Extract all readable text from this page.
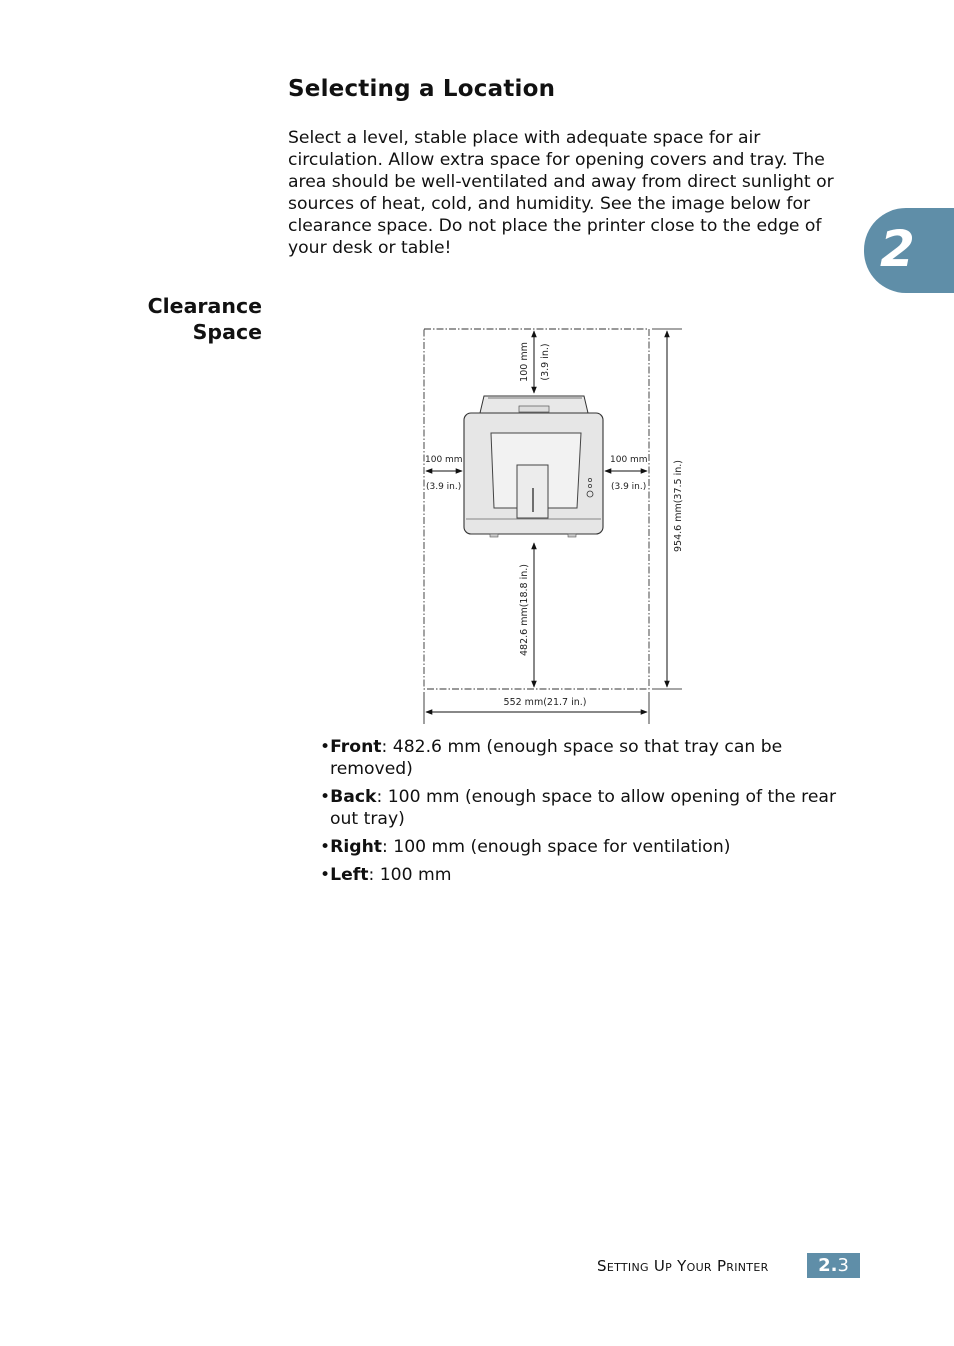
Selecting a Location

Select a level, stable place with adequate space for air circulation. Allow extra space for opening covers and tray. The area should be well-ventilated and away from direct sunlight or sources of heat, cold, and humidity. See the image below for clearance space. Do not place the printer close to the edge of your desk or table!

Clearance
Space
2
100 mm (3.9 in.)
100 mm
(3.9 in.)
100 mm
(3.9 in.)
482.6 mm(18.8 in.)
954.6 mm(37.5 in.)
552 mm(21.7 in.)
•Front: 482.6 mm (enough space so that tray can be removed)
•Back: 100 mm (enough space to allow opening of the rear out tray)
•Right: 100 mm (enough space for ventilation)
•Left: 100 mm
Setting Up Your Printer	2.3
